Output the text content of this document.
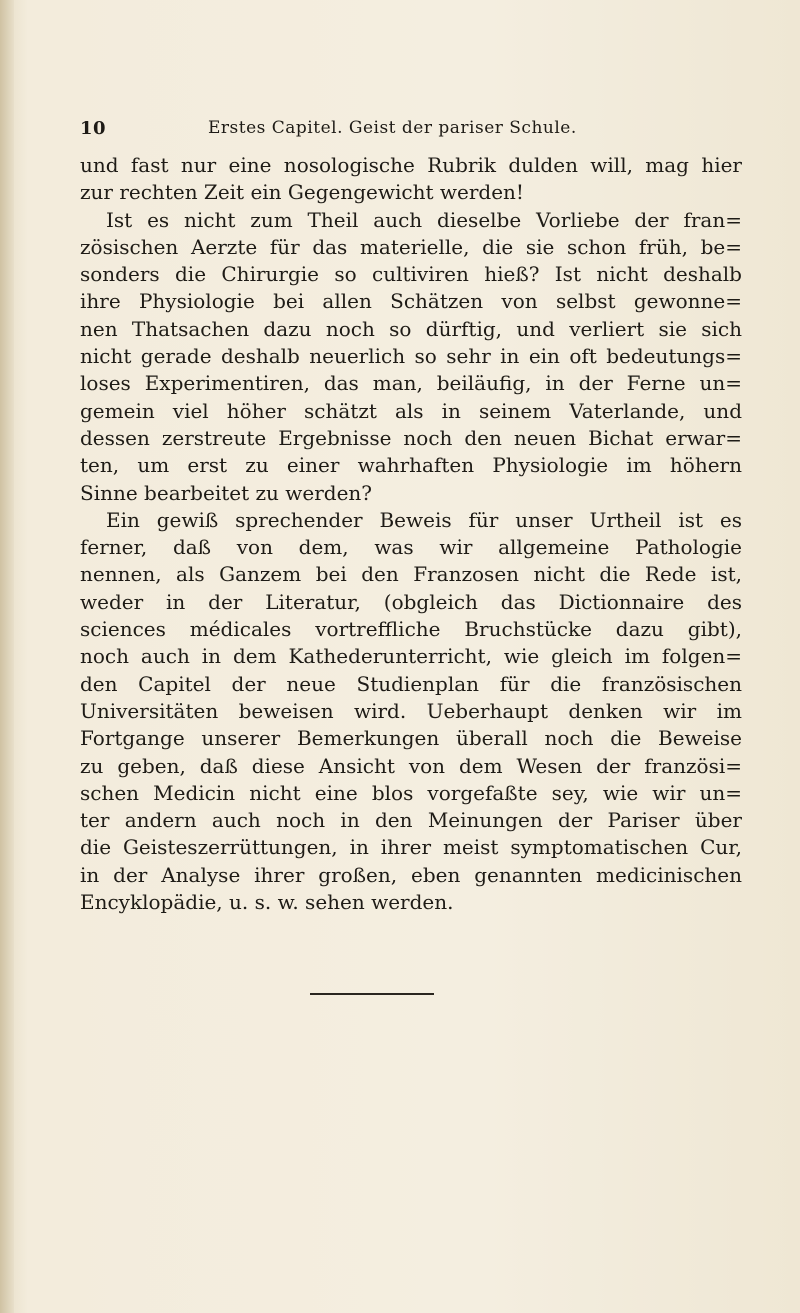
10	Erstes Capitel. Geist der pariser Schule.
und fast nur eine nosologische Rubrik dulden will, mag hier
zur rechten Zeit ein Gegengewicht werden!
Ist es nicht zum Theil auch dieselbe Vorliebe der fran=
zösischen Aerzte für das materielle, die sie schon früh, be=
sonders die Chirurgie so cultiviren hieß? Ist nicht deshalb
ihre Physiologie bei allen Schätzen von selbst gewonne=
nen Thatsachen dazu noch so dürftig, und verliert sie sich
nicht gerade deshalb neuerlich so sehr in ein oft bedeutungs=
loses Experimentiren, das man, beiläufig, in der Ferne un=
gemein viel höher schätzt als in seinem Vaterlande, und
dessen zerstreute Ergebnisse noch den neuen Bichat erwar=
ten, um erst zu einer wahrhaften Physiologie im höhern
Sinne bearbeitet zu werden?
Ein gewiß sprechender Beweis für unser Urtheil ist es
ferner, daß von dem, was wir allgemeine Pathologie
nennen, als Ganzem bei den Franzosen nicht die Rede ist,
weder in der Literatur, (obgleich das Dictionnaire des
sciences médicales vortreffliche Bruchstücke dazu gibt),
noch auch in dem Kathederunterricht, wie gleich im folgen=
den Capitel der neue Studienplan für die französischen
Universitäten beweisen wird. Ueberhaupt denken wir im
Fortgange unserer Bemerkungen überall noch die Beweise
zu geben, daß diese Ansicht von dem Wesen der französi=
schen Medicin nicht eine blos vorgefaßte sey, wie wir un=
ter andern auch noch in den Meinungen der Pariser über
die Geisteszerrüttungen, in ihrer meist symptomatischen Cur,
in der Analyse ihrer großen, eben genannten medicinischen
Encyklopädie, u. s. w. sehen werden.
